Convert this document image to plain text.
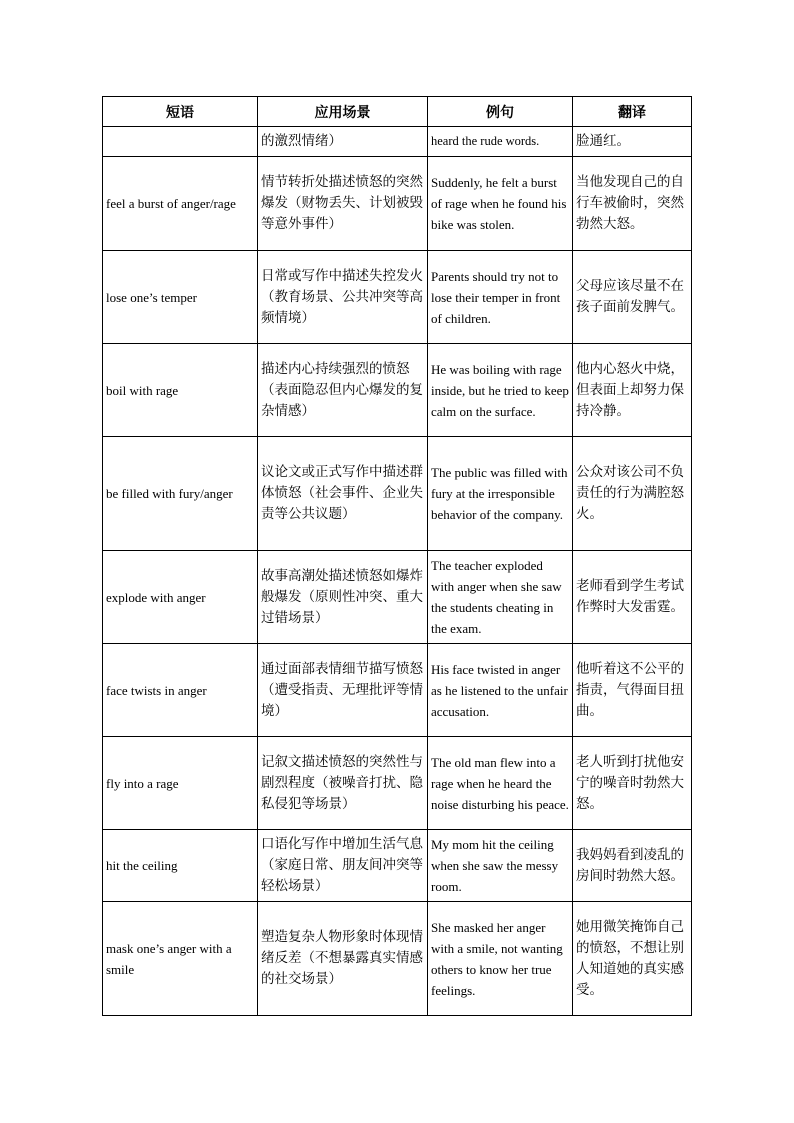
短语	应用场景	例句	翻译
	的激烈情绪）	heard the rude words.	脸通红。
feel a burst of anger/rage	情节转折处描述愤怒的突然爆发（财物丢失、计划被毁等意外事件）	Suddenly, he felt a burst of rage when he found his bike was stolen.	当他发现自己的自行车被偷时，突然勃然大怒。
lose one’s temper	日常或写作中描述失控发火（教育场景、公共冲突等高频情境）	Parents should try not to lose their temper in front of children.	父母应该尽量不在孩子面前发脾气。
boil with rage	描述内心持续强烈的愤怒（表面隐忍但内心爆发的复杂情感）	He was boiling with rage inside, but he tried to keep calm on the surface.	他内心怒火中烧，但表面上却努力保持冷静。
be filled with fury/anger	议论文或正式写作中描述群体愤怒（社会事件、企业失责等公共议题）	The public was filled with fury at the irresponsible behavior of the company.	公众对该公司不负责任的行为满腔怒火。
explode with anger	故事高潮处描述愤怒如爆炸般爆发（原则性冲突、重大过错场景）	The teacher exploded with anger when she saw the students cheating in the exam.	老师看到学生考试作弊时大发雷霆。
face twists in anger	通过面部表情细节描写愤怒（遭受指责、无理批评等情境）	His face twisted in anger as he listened to the unfair accusation.	他听着这不公平的指责，气得面目扭曲。
fly into a rage	记叙文描述愤怒的突然性与剧烈程度（被噪音打扰、隐私侵犯等场景）	The old man flew into a rage when he heard the noise disturbing his peace.	老人听到打扰他安宁的噪音时勃然大怒。
hit the ceiling	口语化写作中增加生活气息（家庭日常、朋友间冲突等轻松场景）	My mom hit the ceiling when she saw the messy room.	我妈妈看到凌乱的房间时勃然大怒。
mask one’s anger with a smile	塑造复杂人物形象时体现情绪反差（不想暴露真实情感的社交场景）	She masked her anger with a smile, not wanting others to know her true feelings.	她用微笑掩饰自己的愤怒，不想让别人知道她的真实感受。
